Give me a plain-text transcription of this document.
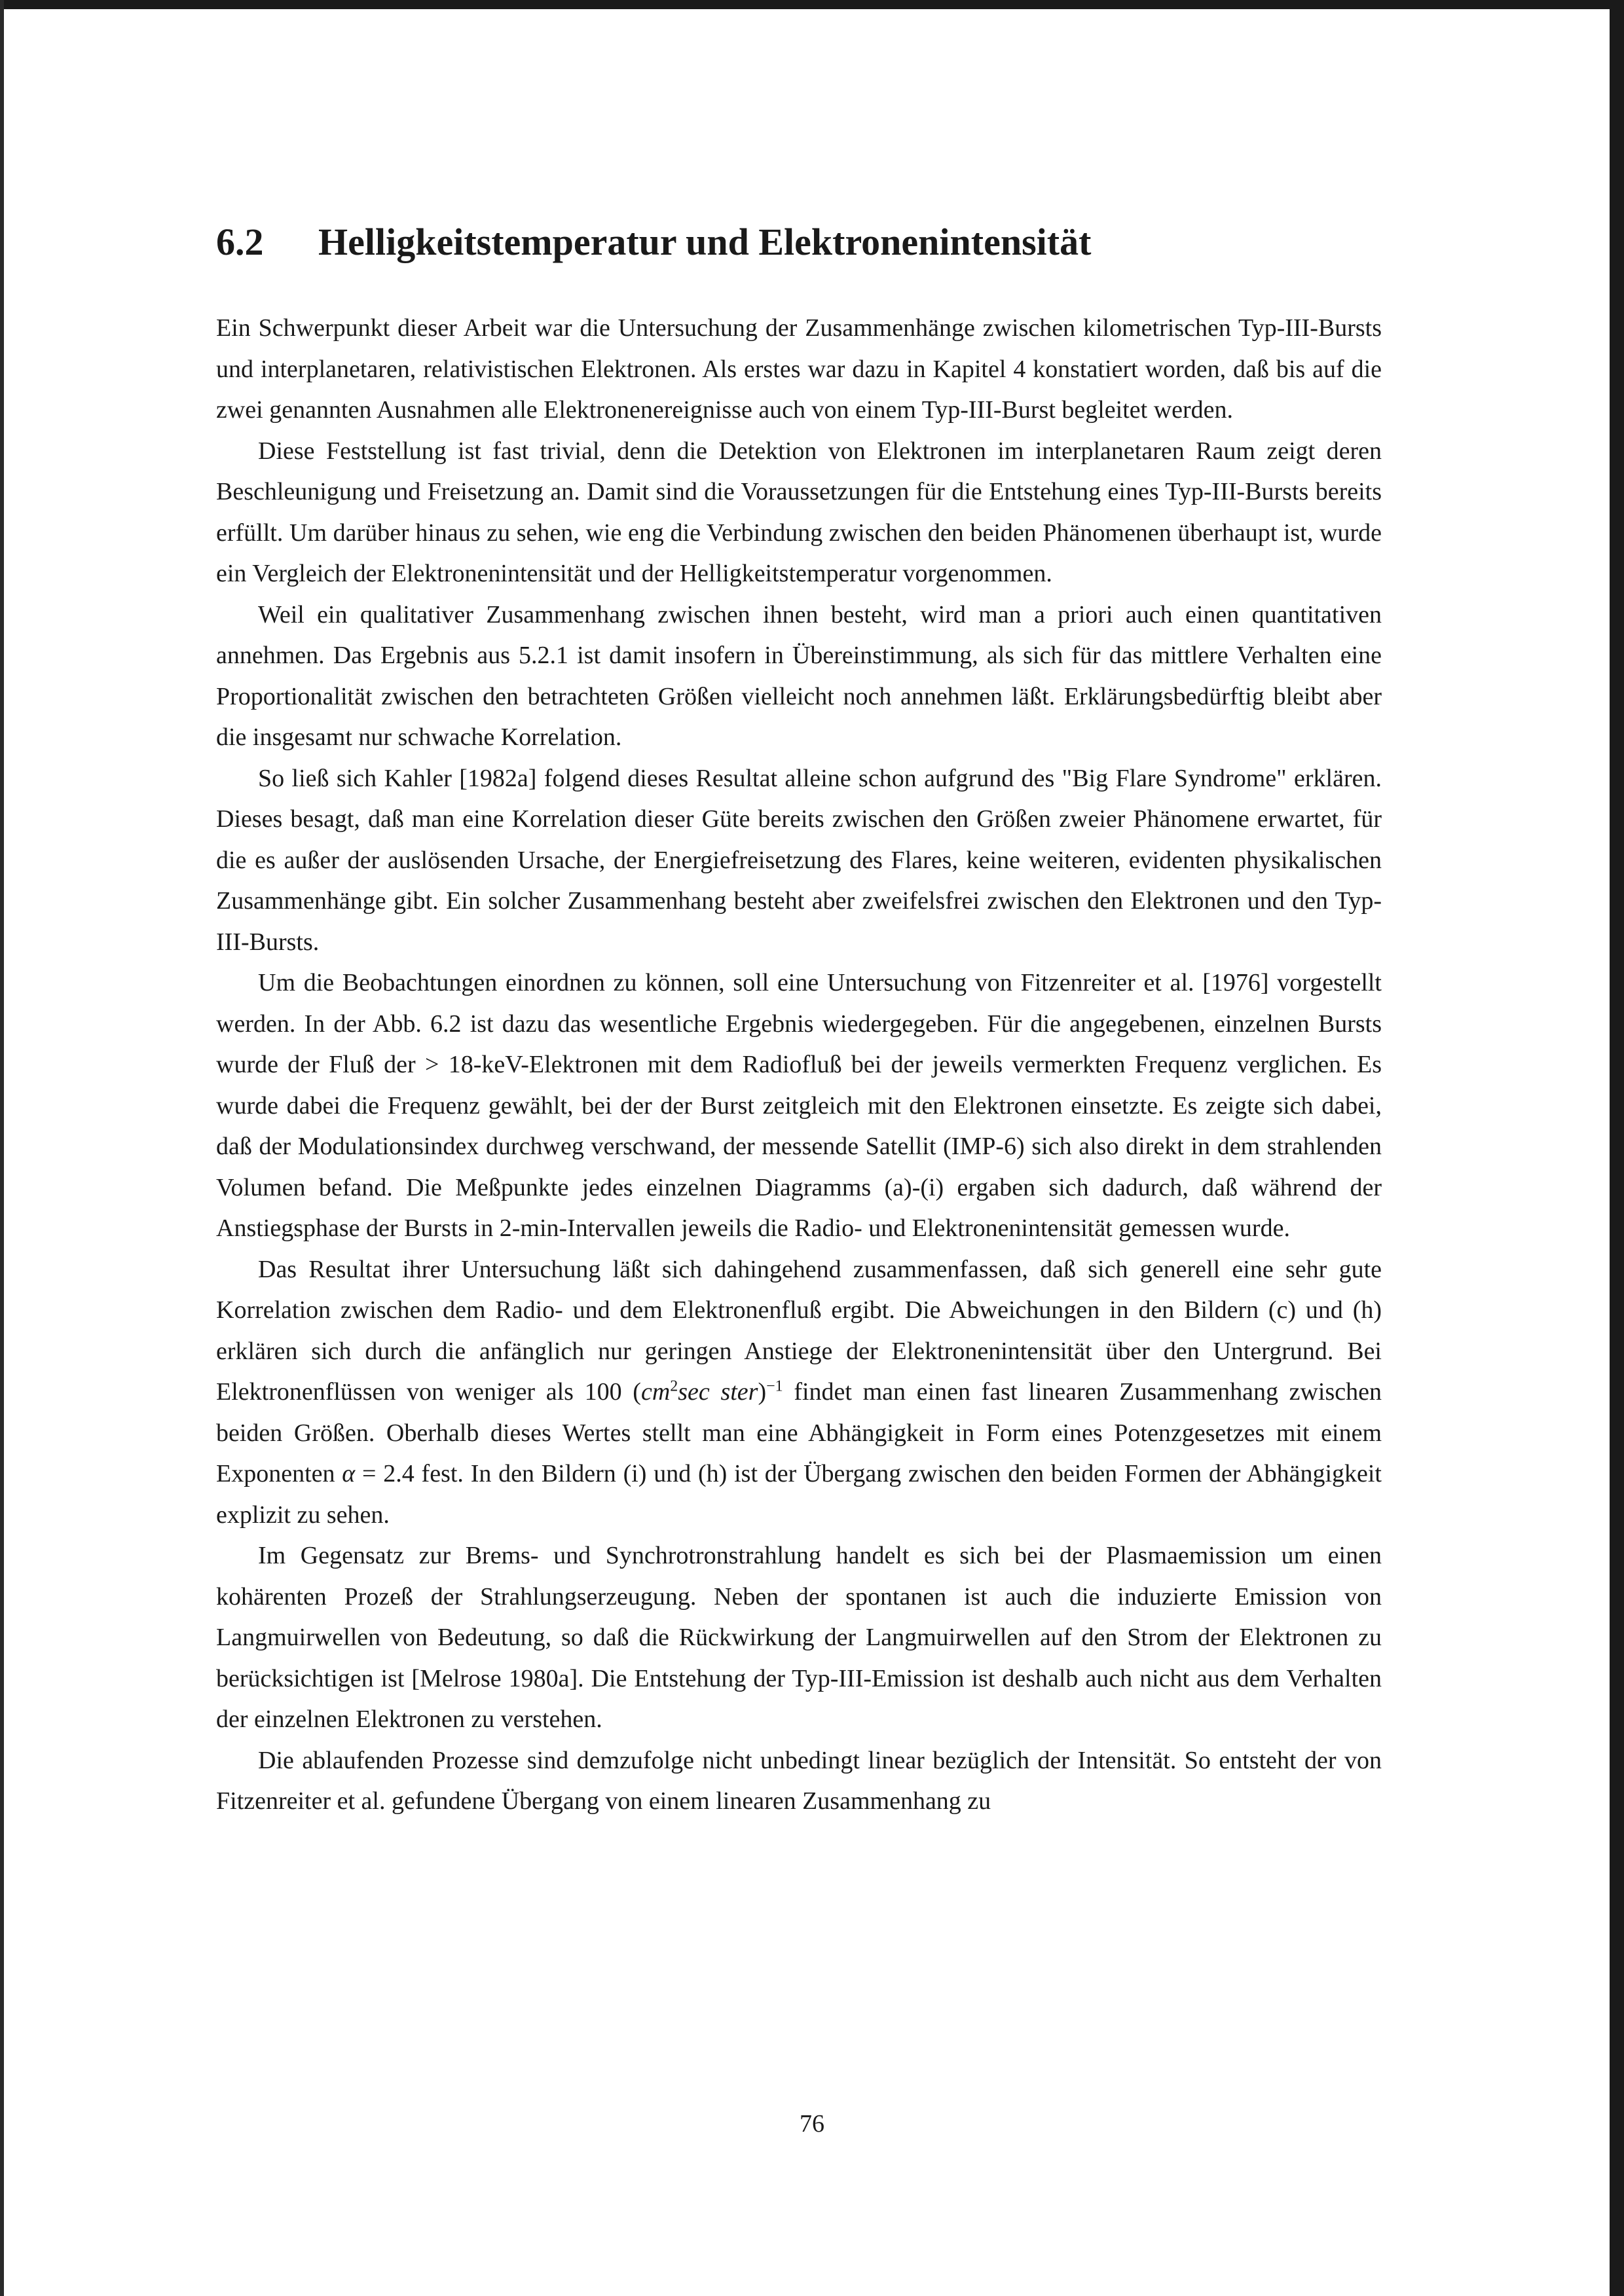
6.2 Helligkeitstemperatur und Elektronenintensität

Ein Schwerpunkt dieser Arbeit war die Untersuchung der Zusammenhänge zwischen kilometrischen Typ-III-Bursts und interplanetaren, relativistischen Elektronen. Als erstes war dazu in Kapitel 4 konstatiert worden, daß bis auf die zwei genannten Ausnahmen alle Elektronenereignisse auch von einem Typ-III-Burst begleitet werden.

Diese Feststellung ist fast trivial, denn die Detektion von Elektronen im interplanetaren Raum zeigt deren Beschleunigung und Freisetzung an. Damit sind die Voraussetzungen für die Entstehung eines Typ-III-Bursts bereits erfüllt. Um darüber hinaus zu sehen, wie eng die Verbindung zwischen den beiden Phänomenen überhaupt ist, wurde ein Vergleich der Elektronenintensität und der Helligkeitstemperatur vorgenommen.

Weil ein qualitativer Zusammenhang zwischen ihnen besteht, wird man a priori auch einen quantitativen annehmen. Das Ergebnis aus 5.2.1 ist damit insofern in Übereinstimmung, als sich für das mittlere Verhalten eine Proportionalität zwischen den betrachteten Größen vielleicht noch annehmen läßt. Erklärungsbedürftig bleibt aber die insgesamt nur schwache Korrelation.

So ließ sich Kahler [1982a] folgend dieses Resultat alleine schon aufgrund des "Big Flare Syndrome" erklären. Dieses besagt, daß man eine Korrelation dieser Güte bereits zwischen den Größen zweier Phänomene erwartet, für die es außer der auslösenden Ursache, der Energiefreisetzung des Flares, keine weiteren, evidenten physikalischen Zusammenhänge gibt. Ein solcher Zusammenhang besteht aber zweifelsfrei zwischen den Elektronen und den Typ-III-Bursts.

Um die Beobachtungen einordnen zu können, soll eine Untersuchung von Fitzenreiter et al. [1976] vorgestellt werden. In der Abb. 6.2 ist dazu das wesentliche Ergebnis wiedergegeben. Für die angegebenen, einzelnen Bursts wurde der Fluß der > 18-keV-Elektronen mit dem Radiofluß bei der jeweils vermerkten Frequenz verglichen. Es wurde dabei die Frequenz gewählt, bei der der Burst zeitgleich mit den Elektronen einsetzte. Es zeigte sich dabei, daß der Modulationsindex durchweg verschwand, der messende Satellit (IMP-6) sich also direkt in dem strahlenden Volumen befand. Die Meßpunkte jedes einzelnen Diagramms (a)-(i) ergaben sich dadurch, daß während der Anstiegsphase der Bursts in 2-min-Intervallen jeweils die Radio- und Elektronenintensität gemessen wurde.

Das Resultat ihrer Untersuchung läßt sich dahingehend zusammenfassen, daß sich generell eine sehr gute Korrelation zwischen dem Radio- und dem Elektronenfluß ergibt. Die Abweichungen in den Bildern (c) und (h) erklären sich durch die anfänglich nur geringen Anstiege der Elektronenintensität über den Untergrund. Bei Elektronenflüssen von weniger als 100 ($cm^2\sec$ ster)$^{-1}$ findet man einen fast linearen Zusammenhang zwischen beiden Größen. Oberhalb dieses Wertes stellt man eine Abhängigkeit in Form eines Potenzgesetzes mit einem Exponenten α = 2.4 fest. In den Bildern (i) und (h) ist der Übergang zwischen den beiden Formen der Abhängigkeit explizit zu sehen.

Im Gegensatz zur Brems- und Synchrotronstrahlung handelt es sich bei der Plasmaemission um einen kohärenten Prozeß der Strahlungserzeugung. Neben der spontanen ist auch die induzierte Emission von Langmuirwellen von Bedeutung, so daß die Rückwirkung der Langmuirwellen auf den Strom der Elektronen zu berücksichtigen ist [Melrose 1980a]. Die Entstehung der Typ-III-Emission ist deshalb auch nicht aus dem Verhalten der einzelnen Elektronen zu verstehen.

Die ablaufenden Prozesse sind demzufolge nicht unbedingt linear bezüglich der Intensität. So entsteht der von Fitzenreiter et al. gefundene Übergang von einem linearen Zusammenhang zu

76
